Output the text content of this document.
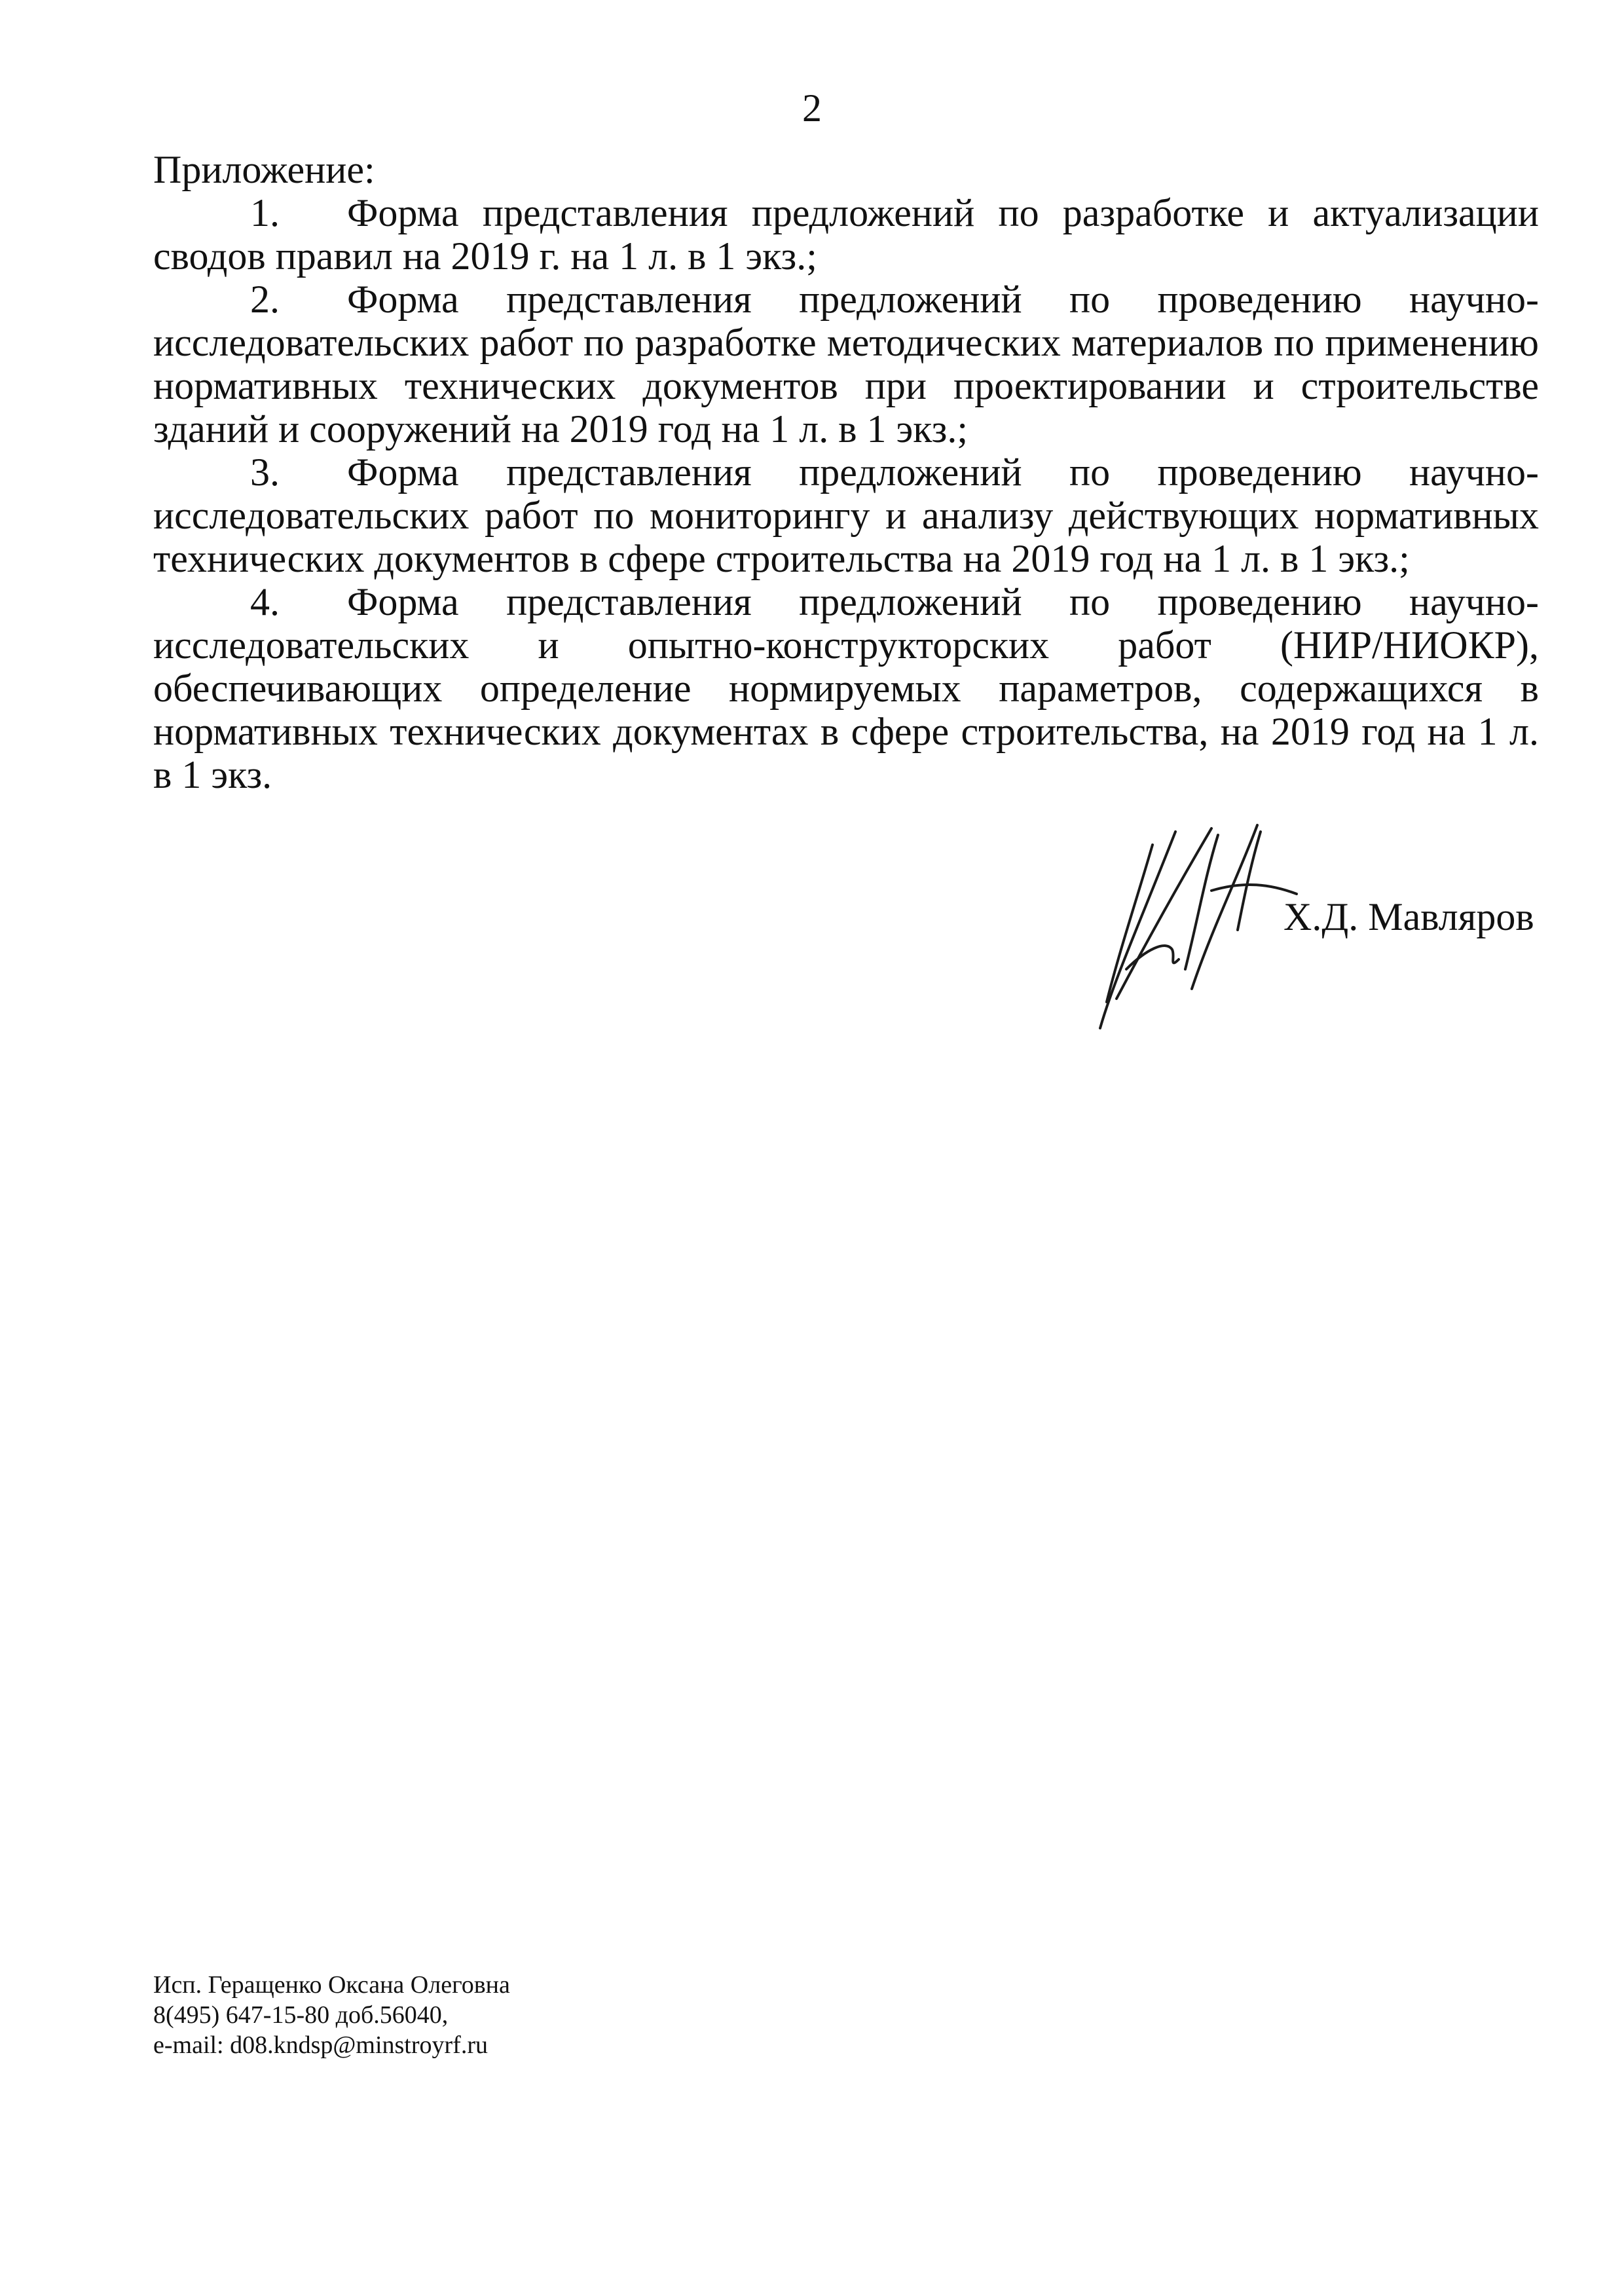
2

Приложение:

1. Форма представления предложений по разработке и актуализации сводов правил на 2019 г. на 1 л. в 1 экз.;

2. Форма представления предложений по проведению научно-исследовательских работ по разработке методических материалов по применению нормативных технических документов при проектировании и строительстве зданий и сооружений на 2019 год на 1 л. в 1 экз.;

3. Форма представления предложений по проведению научно-исследовательских работ по мониторингу и анализу действующих нормативных технических документов в сфере строительства на 2019 год на 1 л. в 1 экз.;

4. Форма представления предложений по проведению научно-исследовательских и опытно-конструкторских работ (НИР/НИОКР), обеспечивающих определение нормируемых параметров, содержащихся в нормативных технических документах в сфере строительства, на 2019 год на 1 л. в 1 экз.

Х.Д. Мавляров
Исп. Геращенко Оксана Олеговна
8(495) 647-15-80 доб.56040,
e-mail: d08.kndsp@minstroyrf.ru
